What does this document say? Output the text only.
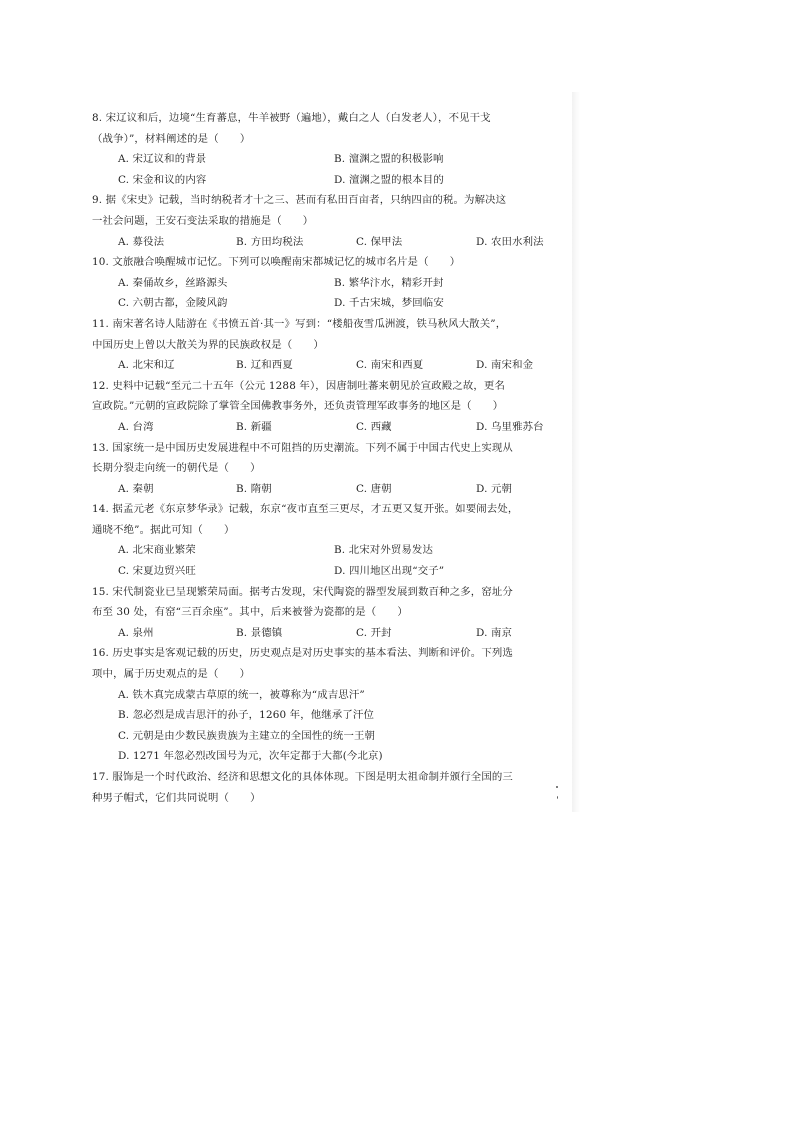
8. 宋辽议和后，边境“生育蕃息，牛羊被野（遍地），戴白之人（白发老人），不见干戈
（战争）”，材料阐述的是（　　）
A. 宋辽议和的背景	B. 澶渊之盟的积极影响
C. 宋金和议的内容	D. 澶渊之盟的根本目的
9. 据《宋史》记载，当时纳税者才十之三、甚而有私田百亩者，只纳四亩的税。为解决这
一社会问题，王安石变法采取的措施是（　　）
A. 募役法	B. 方田均税法	C. 保甲法	D. 农田水利法
10. 文旅融合唤醒城市记忆。下列可以唤醒南宋都城记忆的城市名片是（　　）
A. 秦俑故乡，丝路源头	B. 繁华汴水，精彩开封
C. 六朝古都，金陵风韵	D. 千古宋城，梦回临安
11. 南宋著名诗人陆游在《书愤五首·其一》写到：“楼船夜雪瓜洲渡，铁马秋风大散关”，
中国历史上曾以大散关为界的民族政权是（　　）
A. 北宋和辽	B. 辽和西夏	C. 南宋和西夏	D. 南宋和金
12. 史料中记载“至元二十五年（公元 1288 年），因唐制吐蕃来朝见於宣政殿之故，更名
宣政院。”元朝的宣政院除了掌管全国佛教事务外，还负责管理军政事务的地区是（　　）
A. 台湾	B. 新疆	C. 西藏	D. 乌里雅苏台
13. 国家统一是中国历史发展进程中不可阻挡的历史潮流。下列不属于中国古代史上实现从
长期分裂走向统一的朝代是（　　）
A. 秦朝	B. 隋朝	C. 唐朝	D. 元朝
14. 据孟元老《东京梦华录》记载，东京“夜市直至三更尽，才五更又复开张。如要闹去处，
通晓不绝”。据此可知（　　）
A. 北宋商业繁荣	B. 北宋对外贸易发达
C. 宋夏边贸兴旺	D. 四川地区出现“交子”
15. 宋代制瓷业已呈现繁荣局面。据考古发现，宋代陶瓷的器型发展到数百种之多，窑址分
布至 30 处，有窑“三百余座”。其中，后来被誉为瓷都的是（　　）
A. 泉州	B. 景德镇	C. 开封	D. 南京
16. 历史事实是客观记载的历史，历史观点是对历史事实的基本看法、判断和评价。下列选
项中，属于历史观点的是（　　）
A. 铁木真完成蒙古草原的统一，被尊称为“成吉思汗”
B. 忽必烈是成吉思汗的孙子，1260 年，他继承了汗位
C. 元朝是由少数民族贵族为主建立的全国性的统一王朝
D. 1271 年忽必烈改国号为元，次年定都于大都(今北京)
17. 服饰是一个时代政治、经济和思想文化的具体体现。下图是明太祖命制并颁行全国的三
种男子帽式，它们共同说明（　　）
